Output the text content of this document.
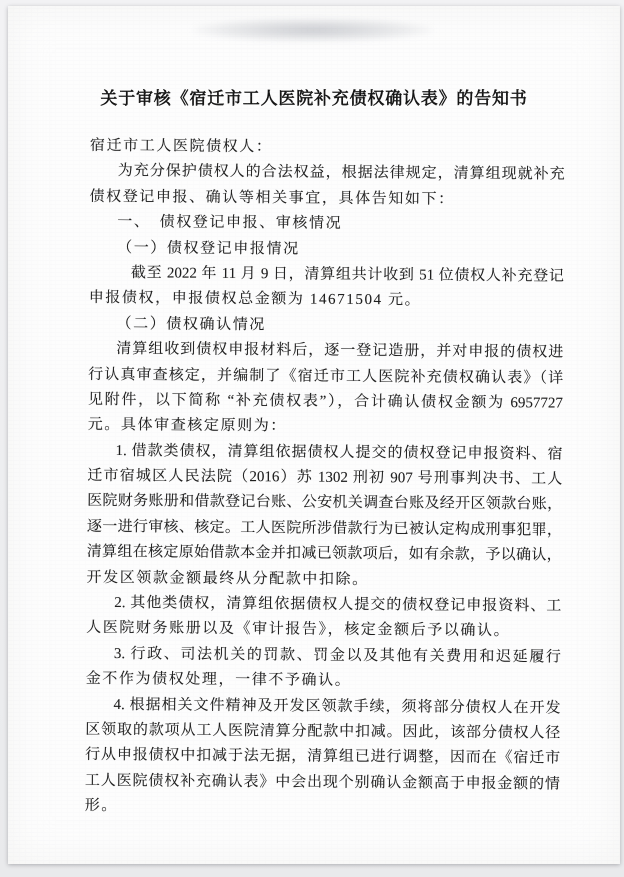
关于审核《宿迁市工人医院补充债权确认表》的告知书
宿迁市工人医院债权人：
为充分保护债权人的合法权益，根据法律规定，清算组现就补充
债权登记申报、确认等相关事宜，具体告知如下：
一、　债权登记申报、审核情况
（一）债权登记申报情况
截至 2022 年 11 月 9 日，清算组共计收到 51 位债权人补充登记
申报债权，申报债权总金额为 14671504 元。
（二）债权确认情况
清算组收到债权申报材料后，逐一登记造册，并对申报的债权进
行认真审查核定，并编制了《宿迁市工人医院补充债权确认表》（详
见附件，以下简称 “补充债权表”），合计确认债权金额为 6957727
元。具体审查核定原则为：
1. 借款类债权，清算组依据债权人提交的债权登记申报资料、宿
迁市宿城区人民法院（2016）苏 1302 刑初 907 号刑事判决书、工人
医院财务账册和借款登记台账、公安机关调查台账及经开区领款台账，
逐一进行审核、核定。工人医院所涉借款行为已被认定构成刑事犯罪，
清算组在核定原始借款本金并扣减已领款项后，如有余款，予以确认，
开发区领款金额最终从分配款中扣除。
2. 其他类债权，清算组依据债权人提交的债权登记申报资料、工
人医院财务账册以及《审计报告》，核定金额后予以确认。
3. 行政、司法机关的罚款、罚金以及其他有关费用和迟延履行
金不作为债权处理，一律不予确认。
4. 根据相关文件精神及开发区领款手续，须将部分债权人在开发
区领取的款项从工人医院清算分配款中扣减。因此，该部分债权人径
行从申报债权中扣减于法无据，清算组已进行调整，因而在《宿迁市
工人医院债权补充确认表》中会出现个别确认金额高于申报金额的情
形。
